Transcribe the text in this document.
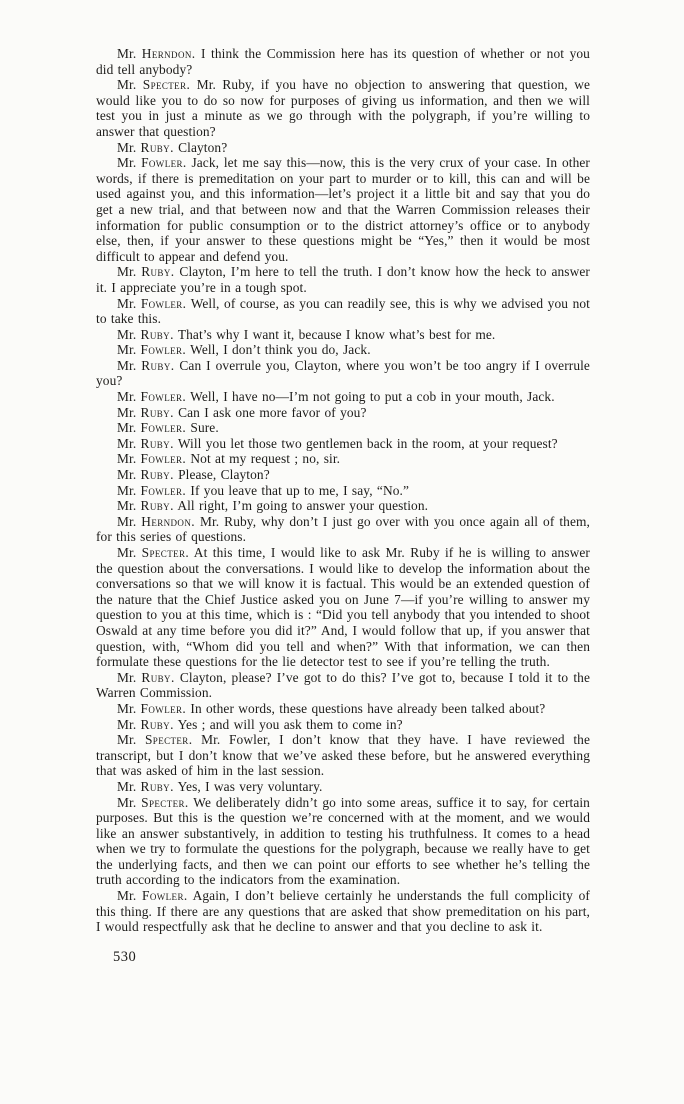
Mr. Herndon. I think the Commission here has its question of whether or not you did tell anybody?

Mr. Specter. Mr. Ruby, if you have no objection to answering that question, we would like you to do so now for purposes of giving us information, and then we will test you in just a minute as we go through with the polygraph, if you’re willing to answer that question?

Mr. Ruby. Clayton?

Mr. Fowler. Jack, let me say this—now, this is the very crux of your case. In other words, if there is premeditation on your part to murder or to kill, this can and will be used against you, and this information—let’s project it a little bit and say that you do get a new trial, and that between now and that the Warren Commission releases their information for public consumption or to the district attorney’s office or to anybody else, then, if your answer to these questions might be “Yes,” then it would be most difficult to appear and defend you.

Mr. Ruby. Clayton, I’m here to tell the truth. I don’t know how the heck to answer it. I appreciate you’re in a tough spot.

Mr. Fowler. Well, of course, as you can readily see, this is why we advised you not to take this.

Mr. Ruby. That’s why I want it, because I know what’s best for me.

Mr. Fowler. Well, I don’t think you do, Jack.

Mr. Ruby. Can I overrule you, Clayton, where you won’t be too angry if I overrule you?

Mr. Fowler. Well, I have no—I’m not going to put a cob in your mouth, Jack.

Mr. Ruby. Can I ask one more favor of you?

Mr. Fowler. Sure.

Mr. Ruby. Will you let those two gentlemen back in the room, at your request?

Mr. Fowler. Not at my request ; no, sir.

Mr. Ruby. Please, Clayton?

Mr. Fowler. If you leave that up to me, I say, “No.”

Mr. Ruby. All right, I’m going to answer your question.

Mr. Herndon. Mr. Ruby, why don’t I just go over with you once again all of them, for this series of questions.

Mr. Specter. At this time, I would like to ask Mr. Ruby if he is willing to answer the question about the conversations. I would like to develop the information about the conversations so that we will know it is factual. This would be an extended question of the nature that the Chief Justice asked you on June 7—if you’re willing to answer my question to you at this time, which is : “Did you tell anybody that you intended to shoot Oswald at any time before you did it?” And, I would follow that up, if you answer that question, with, “Whom did you tell and when?” With that information, we can then formulate these questions for the lie detector test to see if you’re telling the truth.

Mr. Ruby. Clayton, please? I’ve got to do this? I’ve got to, because I told it to the Warren Commission.

Mr. Fowler. In other words, these questions have already been talked about?

Mr. Ruby. Yes ; and will you ask them to come in?

Mr. Specter. Mr. Fowler, I don’t know that they have. I have reviewed the transcript, but I don’t know that we’ve asked these before, but he answered everything that was asked of him in the last session.

Mr. Ruby. Yes, I was very voluntary.

Mr. Specter. We deliberately didn’t go into some areas, suffice it to say, for certain purposes. But this is the question we’re concerned with at the moment, and we would like an answer substantively, in addition to testing his truthfulness. It comes to a head when we try to formulate the questions for the polygraph, because we really have to get the underlying facts, and then we can point our efforts to see whether he’s telling the truth according to the indicators from the examination.

Mr. Fowler. Again, I don’t believe certainly he understands the full complicity of this thing. If there are any questions that are asked that show premeditation on his part, I would respectfully ask that he decline to answer and that you decline to ask it.

530
